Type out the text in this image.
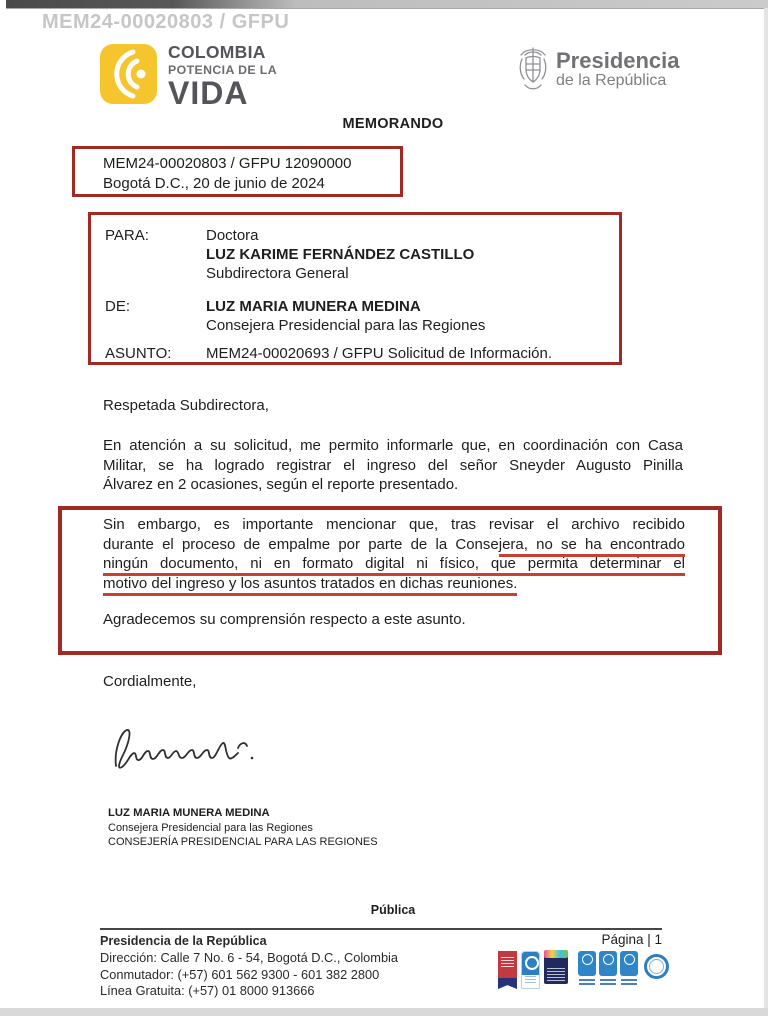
MEM24-00020803 / GFPU
COLOMBIA
POTENCIA DE LA
VIDA
Presidencia
de la República
MEMORANDO
MEM24-00020803 / GFPU 12090000
Bogotá D.C., 20 de junio de 2024
PARA:	Doctora
LUZ KARIME FERNÁNDEZ CASTILLO
Subdirectora General
DE:	LUZ MARIA MUNERA MEDINA
Consejera Presidencial para las Regiones
ASUNTO:	MEM24-00020693 / GFPU Solicitud de Información.
Respetada Subdirectora,
En atención a su solicitud, me permito informarle que, en coordinación con Casa
Militar, se ha logrado registrar el ingreso del señor Sneyder Augusto Pinilla
Álvarez en 2 ocasiones, según el reporte presentado.
Sin embargo, es importante mencionar que, tras revisar el archivo recibido
durante el proceso de empalme por parte de la Consejera, no se ha encontrado
ningún documento, ni en formato digital ni físico, que permita determinar el
motivo del ingreso y los asuntos tratados en dichas reuniones.
Agradecemos su comprensión respecto a este asunto.
Cordialmente,
LUZ MARIA MUNERA MEDINA
Consejera Presidencial para las Regiones
CONSEJERÍA PRESIDENCIAL PARA LAS REGIONES
Pública
Presidencia de la República
Dirección: Calle 7 No. 6 - 54, Bogotá D.C., Colombia
Conmutador: (+57) 601 562 9300 - 601 382 2800
Línea Gratuita: (+57) 01 8000 913666
Página | 1
